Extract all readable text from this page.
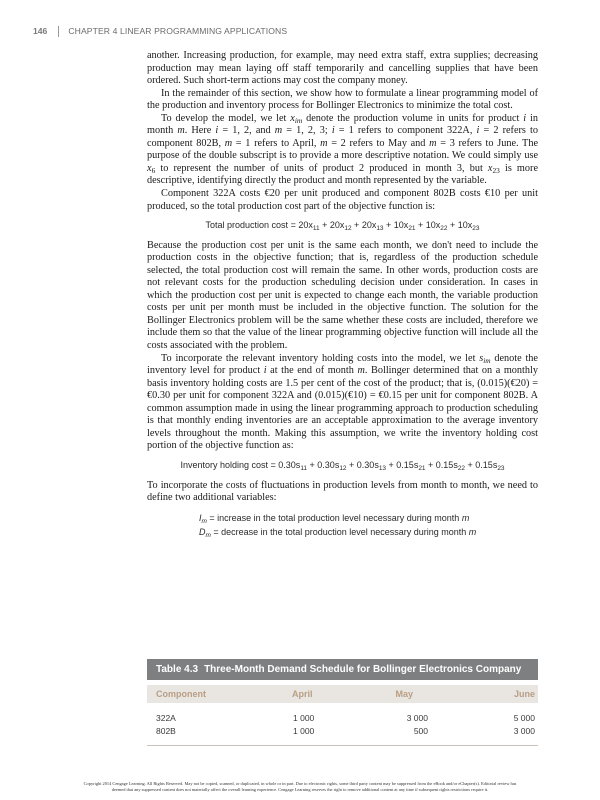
146 CHAPTER 4 LINEAR PROGRAMMING APPLICATIONS

another. Increasing production, for example, may need extra staff, extra supplies; decreasing production may mean laying off staff temporarily and cancelling supplies that have been ordered. Such short-term actions may cost the company money.

In the remainder of this section, we show how to formulate a linear programming model of the production and inventory process for Bollinger Electronics to minimize the total cost.

To develop the model, we let $x_{im}$ denote the production volume in units for product i in month m. Here i = 1, 2, and m = 1, 2, 3; i = 1 refers to component 322A, i = 2 refers to component 802B, m = 1 refers to April, m = 2 refers to May and m = 3 refers to June. The purpose of the double subscript is to provide a more descriptive notation. We could simply use $x_6$ to represent the number of units of product 2 produced in month 3, but $x_{23}$ is more descriptive, identifying directly the product and month represented by the variable.

Component 322A costs €20 per unit produced and component 802B costs €10 per unit produced, so the total production cost part of the objective function is:

Total production $\cos t = 20x_{11} + 20x_{12} + 20x_{13} + 10x_{21} + 10x_{22} + 10x_{23}$

Because the production cost per unit is the same each month, we don't need to include the production costs in the objective function; that is, regardless of the production schedule selected, the total production cost will remain the same. In other words, production costs are not relevant costs for the production scheduling decision under consideration. In cases in which the production cost per unit is expected to change each month, the variable production costs per unit per month must be included in the objective function. The solution for the Bollinger Electronics problem will be the same whether these costs are included, therefore we include them so that the value of the linear programming objective function will include all the costs associated with the problem.

To incorporate the relevant inventory holding costs into the model, we let $s_{im}$ denote the inventory level for product i at the end of month m. Bollinger determined that on a monthly basis inventory holding costs are 1.5 per cent of the cost of the product; that is, (0.015)(€20) = €0.30 per unit for component 322A and (0.015)(€10) = €0.15 per unit for component 802B. A common assumption made in using the linear programming approach to production scheduling is that monthly ending inventories are an acceptable approximation to the average inventory levels throughout the month. Making this assumption, we write the inventory holding cost portion of the objective function as:

Inventory holding $\cos t = 0.30s_{11} + 0.30s_{12} + 0.30s_{13} + 0.15s_{21} + 0.15s_{22} + 0.15s_{23}$

To incorporate the costs of fluctuations in production levels from month to month, we need to define two additional variables:

$I_m$ = increase in the total production level necessary during month m
$D_m$ = decrease in the total production level necessary during month m
Table 4.3 Three-Month Demand Schedule for Bollinger Electronics Company
Component	April	May	June
322A	1 000	3 000	5 000
802B	1 000	500	3 000
Copyright 2014 Cengage Learning. All Rights Reserved. May not be copied, scanned, or duplicated, in whole or in part. Due to electronic rights, some third party content may be suppressed from the eBook and/or eChapter(s). Editorial review has
deemed that any suppressed content does not materially affect the overall learning experience. Cengage Learning reserves the right to remove additional content at any time if subsequent rights restrictions require it.
